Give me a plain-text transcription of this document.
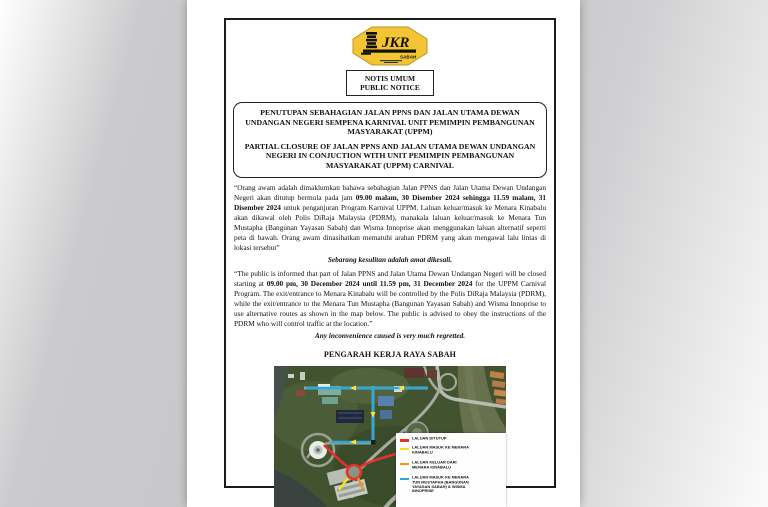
JKR
SABAH
NOTIS UMUM
PUBLIC NOTICE
PENUTUPAN SEBAHAGIAN JALAN PPNS DAN JALAN UTAMA DEWAN UNDANGAN NEGERI SEMPENA KARNIVAL UNIT PEMIMPIN PEMBANGUNAN MASYARAKAT (UPPM)
PARTIAL CLOSURE OF JALAN PPNS AND JALAN UTAMA DEWAN UNDANGAN NEGERI IN CONJUCTION WITH UNIT PEMIMPIN PEMBANGUNAN MASYARAKAT (UPPM) CARNIVAL
“Orang awam adalah dimaklumkan bahawa sebahagian Jalan PPNS dan Jalan Utama Dewan Undangan Negeri akan ditutup bermula pada jam 09.00 malam, 30 Disember 2024 sehingga 11.59 malam, 31 Disember 2024 untuk penganjuran Program Karnival UPPM. Laluan keluar/masuk ke Menara Kinabalu akan dikawal oleh Polis DiRaja Malaysia (PDRM), manakala laluan keluar/masuk ke Menara Tun Mustapha (Bangunan Yayasan Sabah) dan Wisma Innoprise akan menggunakan laluan alternatif seperti peta di bawah. Orang awam dinasihatkan mematuhi arahan PDRM yang akan mengawal lalu lintas di lokasi tersebut”
Sebarang kesulitan adalah amat dikesali.
“The public is informed that part of Jalan PPNS and Jalan Utama Dewan Undangan Negeri will be closed starting at 09.00 pm, 30 December 2024 until 11.59 pm, 31 December 2024 for the UPPM Carnival Program. The exit/entrance to Menara Kinabalu will be controlled by the Polis DiRaja Malaysia (PDRM), while the exit/entrance to the Menara Tun Mustapha (Bangunan Yayasan Sabah) and Wisma Innoprise to use alternative routes as shown in the map below. The public is advised to obey the instructions of the PDRM who will control traffic at the location.”
Any inconvenience caused is very much regretted.
PENGARAH KERJA RAYA SABAH
LALUAN DITUTUP
LALUAN MASUK KE MENARA KINABALU
LALUAN KELUAR DARI MENARA KINABALU
LALUAN MASUK KE MENARA TUN MUSTAPHA (BANGUNAN YAYASAN SABAH) & WISMA INNOPRISE
